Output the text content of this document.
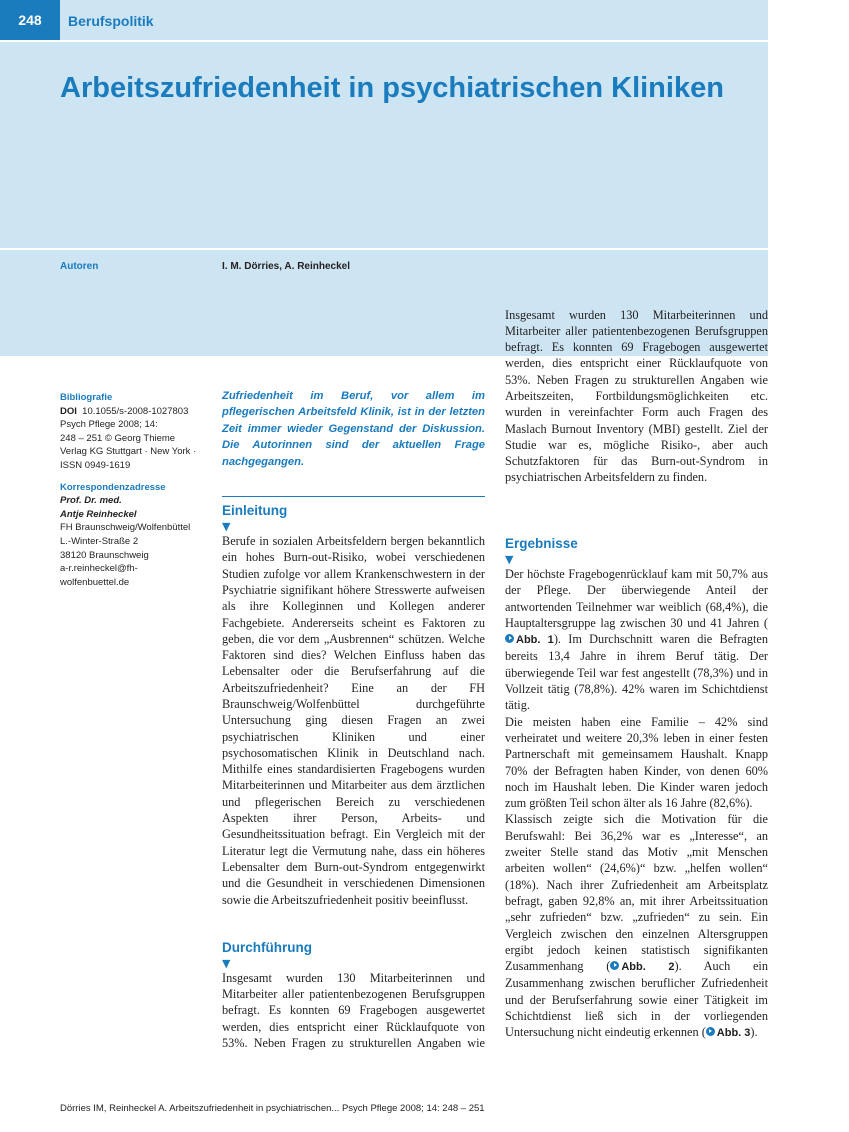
248	Berufspolitik
Arbeitszufriedenheit in psychiatrischen Kliniken
Autoren	I. M. Dörries, A. Reinheckel
Bibliografie
DOI 10.1055/s-2008-1027803
Psych Pflege 2008; 14:
248 – 251 © Georg Thieme
Verlag KG Stuttgart · New York ·
ISSN 0949-1619
Korrespondenzadresse
Prof. Dr. med.
Antje Reinheckel
FH Braunschweig/Wolfenbüttel
L.-Winter-Straße 2
38120 Braunschweig
a-r.reinheckel@fh-
wolfenbuettel.de

Zufriedenheit im Beruf, vor allem im pflegerischen Arbeitsfeld Klinik, ist in der letzten Zeit immer wieder Gegenstand der Diskussion. Die Autorinnen sind der aktuellen Frage nachgegangen.

Einleitung
▼

Berufe in sozialen Arbeitsfeldern bergen bekanntlich ein hohes Burn-out-Risiko, wobei verschiedenen Studien zufolge vor allem Krankenschwestern in der Psychiatrie signifikant höhere Stresswerte aufweisen als ihre Kolleginnen und Kollegen anderer Fachgebiete. Andererseits scheint es Faktoren zu geben, die vor dem „Ausbrennen“ schützen. Welche Faktoren sind dies? Welchen Einfluss haben das Lebensalter oder die Berufserfahrung auf die Arbeitszufriedenheit? Eine an der FH Braunschweig/Wolfenbüttel durchgeführte Untersuchung ging diesen Fragen an zwei psychiatrischen Kliniken und einer psychosomatischen Klinik in Deutschland nach. Mithilfe eines standardisierten Fragebogens wurden Mitarbeiterinnen und Mitarbeiter aus dem ärztlichen und pflegerischen Bereich zu verschiedenen Aspekten ihrer Person, Arbeits- und Gesundheitssituation befragt. Ein Vergleich mit der Literatur legt die Vermutung nahe, dass ein höheres Lebensalter dem Burn-out-Syndrom entgegenwirkt und die Gesundheit in verschiedenen Dimensionen sowie die Arbeitszufriedenheit positiv beeinflusst.

Durchführung
▼

Insgesamt wurden 130 Mitarbeiterinnen und Mitarbeiter aller patientenbezogenen Berufsgruppen befragt. Es konnten 69 Fragebogen ausgewertet werden, dies entspricht einer Rücklaufquote von 53%. Neben Fragen zu strukturellen Angaben wie

Insgesamt wurden 130 Mitarbeiterinnen und Mitarbeiter aller patientenbezogenen Berufsgruppen befragt. Es konnten 69 Fragebogen ausgewertet werden, dies entspricht einer Rücklaufquote von 53%. Neben Fragen zu strukturellen Angaben wie Arbeitszeiten, Fortbildungsmöglichkeiten etc. wurden in vereinfachter Form auch Fragen des Maslach Burnout Inventory (MBI) gestellt. Ziel der Studie war es, mögliche Risiko-, aber auch Schutzfaktoren für das Burn-out-Syndrom in psychiatrischen Arbeitsfeldern zu finden.

Ergebnisse
▼

Der höchste Fragebogenrücklauf kam mit 50,7% aus der Pflege. Der überwiegende Anteil der antwortenden Teilnehmer war weiblich (68,4%), die Hauptaltersgruppe lag zwischen 30 und 41 Jahren (Abb. 1). Im Durchschnitt waren die Befragten bereits 13,4 Jahre in ihrem Beruf tätig. Der überwiegende Teil war fest angestellt (78,3%) und in Vollzeit tätig (78,8%). 42% waren im Schichtdienst tätig.

Die meisten haben eine Familie – 42% sind verheiratet und weitere 20,3% leben in einer festen Partnerschaft mit gemeinsamem Haushalt. Knapp 70% der Befragten haben Kinder, von denen 60% noch im Haushalt leben. Die Kinder waren jedoch zum größten Teil schon älter als 16 Jahre (82,6%).

Klassisch zeigte sich die Motivation für die Berufswahl: Bei 36,2% war es „Interesse“, an zweiter Stelle stand das Motiv „mit Menschen arbeiten wollen“ (24,6%)“ bzw. „helfen wollen“ (18%). Nach ihrer Zufriedenheit am Arbeitsplatz befragt, gaben 92,8% an, mit ihrer Arbeitssituation „sehr zufrieden“ bzw. „zufrieden“ zu sein. Ein Vergleich zwischen den einzelnen Altersgruppen ergibt jedoch keinen statistisch signifikanten Zusammenhang ( Abb. 2). Auch ein Zusammenhang zwischen beruflicher Zufriedenheit und der Berufserfahrung sowie einer Tätigkeit im Schichtdienst ließ sich in der vorliegenden Untersuchung nicht eindeutig erkennen ( Abb. 3).

Dörries IM, Reinheckel A. Arbeitszufriedenheit in psychiatrischen... Psych Pflege 2008; 14: 248 – 251
